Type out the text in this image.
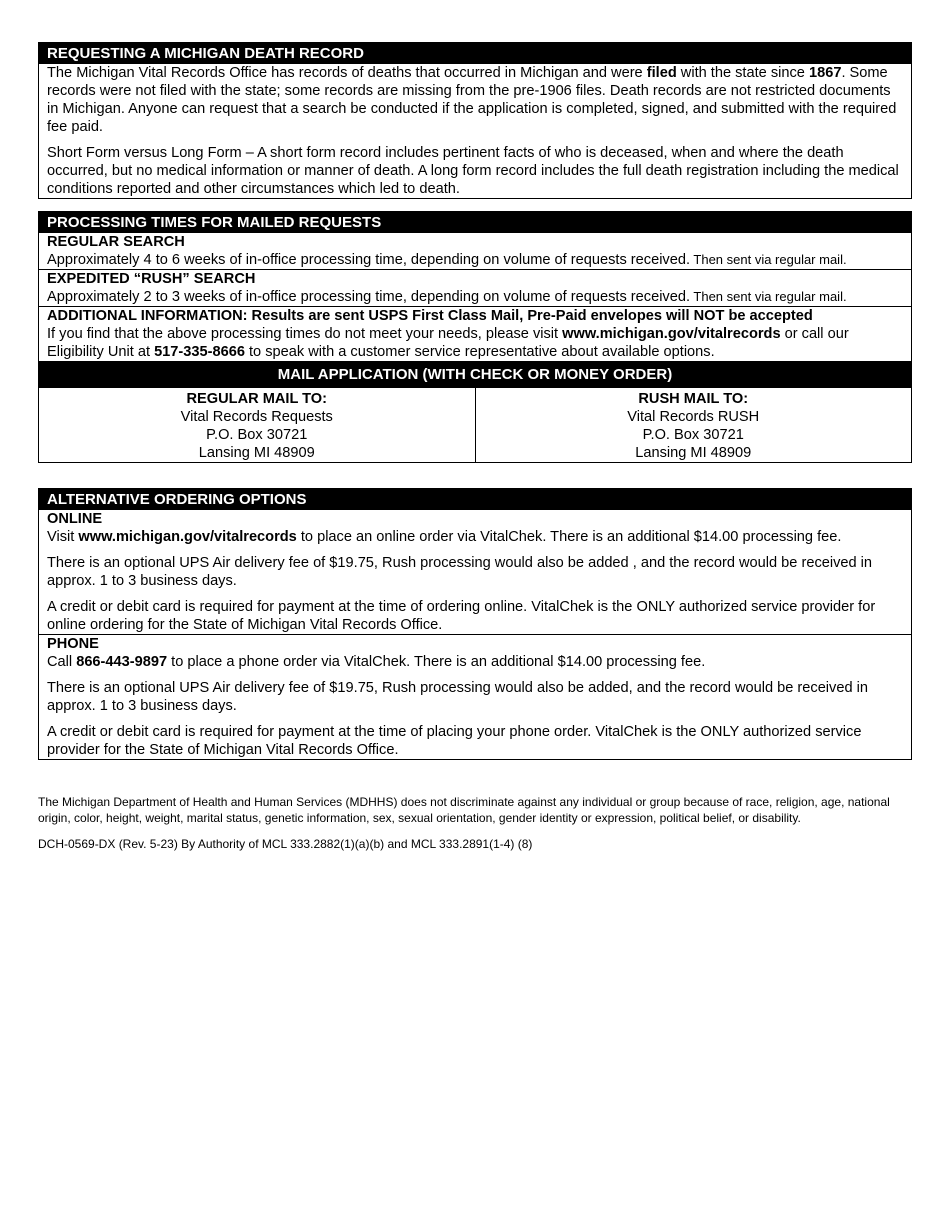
REQUESTING A MICHIGAN DEATH RECORD
The Michigan Vital Records Office has records of deaths that occurred in Michigan and were filed with the state since 1867. Some records were not filed with the state; some records are missing from the pre-1906 files. Death records are not restricted documents in Michigan. Anyone can request that a search be conducted if the application is completed, signed, and submitted with the required fee paid.
Short Form versus Long Form – A short form record includes pertinent facts of who is deceased, when and where the death occurred, but no medical information or manner of death. A long form record includes the full death registration including the medical conditions reported and other circumstances which led to death.
PROCESSING TIMES FOR MAILED REQUESTS
REGULAR SEARCH
Approximately 4 to 6 weeks of in-office processing time, depending on volume of requests received. Then sent via regular mail.
EXPEDITED “RUSH” SEARCH
Approximately 2 to 3 weeks of in-office processing time, depending on volume of requests received. Then sent via regular mail.
ADDITIONAL INFORMATION: Results are sent USPS First Class Mail, Pre-Paid envelopes will NOT be accepted
If you find that the above processing times do not meet your needs, please visit www.michigan.gov/vitalrecords or call our Eligibility Unit at 517-335-8666 to speak with a customer service representative about available options.
MAIL APPLICATION (WITH CHECK OR MONEY ORDER)
REGULAR MAIL TO:
Vital Records Requests
P.O. Box 30721
Lansing MI 48909
RUSH MAIL TO:
Vital Records RUSH
P.O. Box 30721
Lansing MI 48909
ALTERNATIVE ORDERING OPTIONS
ONLINE
Visit www.michigan.gov/vitalrecords to place an online order via VitalChek. There is an additional $14.00 processing fee.
There is an optional UPS Air delivery fee of $19.75, Rush processing would also be added , and the record would be received in approx. 1 to 3 business days.
A credit or debit card is required for payment at the time of ordering online. VitalChek is the ONLY authorized service provider for online ordering for the State of Michigan Vital Records Office.
PHONE
Call 866-443-9897 to place a phone order via VitalChek. There is an additional $14.00 processing fee.
There is an optional UPS Air delivery fee of $19.75, Rush processing would also be added, and the record would be received in approx. 1 to 3 business days.
A credit or debit card is required for payment at the time of placing your phone order. VitalChek is the ONLY authorized service provider for the State of Michigan Vital Records Office.
The Michigan Department of Health and Human Services (MDHHS) does not discriminate against any individual or group because of race, religion, age, national origin, color, height, weight, marital status, genetic information, sex, sexual orientation, gender identity or expression, political belief, or disability.
DCH-0569-DX (Rev. 5-23) By Authority of MCL 333.2882(1)(a)(b) and MCL 333.2891(1-4) (8)
